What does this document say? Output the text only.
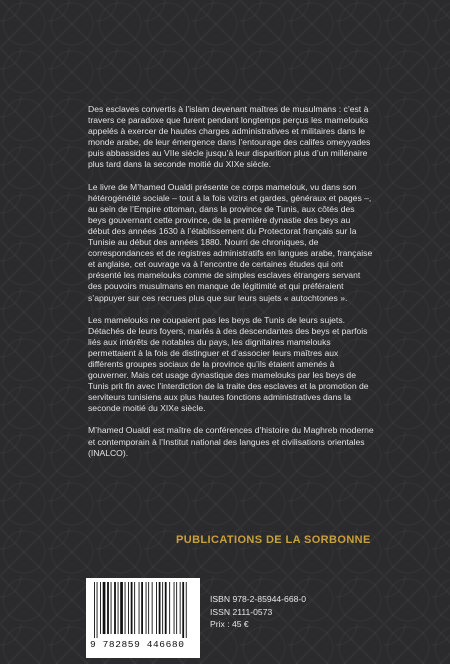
Des esclaves convertis à l’islam devenant maîtres de musulmans : c’est à travers ce paradoxe que furent pendant longtemps perçus les mamelouks appelés à exercer de hautes charges administratives et militaires dans le monde arabe, de leur émergence dans l’entourage des califes omeyyades puis abbassides au VIIe siècle jusqu’à leur disparition plus d’un millénaire plus tard dans la seconde moitié du XIXe siècle.

Le livre de M’hamed Oualdi présente ce corps mamelouk, vu dans son hétérogénéité sociale – tout à la fois vizirs et gardes, généraux et pages –, au sein de l’Empire ottoman, dans la province de Tunis, aux côtés des beys gouvernant cette province, de la première dynastie des beys au début des années 1630 à l’établissement du Protectorat français sur la Tunisie au début des années 1880. Nourri de chroniques, de correspondances et de registres administratifs en langues arabe, française et anglaise, cet ouvrage va à l’encontre de certaines études qui ont présenté les mamelouks comme de simples esclaves étrangers servant des pouvoirs musulmans en manque de légitimité et qui préféraient s’appuyer sur ces recrues plus que sur leurs sujets « autochtones ».

Les mamelouks ne coupaient pas les beys de Tunis de leurs sujets. Détachés de leurs foyers, mariés à des descendantes des beys et parfois liés aux intérêts de notables du pays, les dignitaires mamelouks permettaient à la fois de distinguer et d’associer leurs maîtres aux différents groupes sociaux de la province qu’ils étaient amenés à gouverner. Mais cet usage dynastique des mamelouks par les beys de Tunis prit fin avec l’interdiction de la traite des esclaves et la promotion de serviteurs tunisiens aux plus hautes fonctions administratives dans la seconde moitié du XIXe siècle.

M’hamed Oualdi est maître de conférences d’histoire du Maghreb moderne et contemporain à l’Institut national des langues et civilisations orientales (INALCO).

PUBLICATIONS DE LA SORBONNE
9 782859 446680
ISBN 978-2-85944-668-0
ISSN 2111-0573
Prix : 45 €
